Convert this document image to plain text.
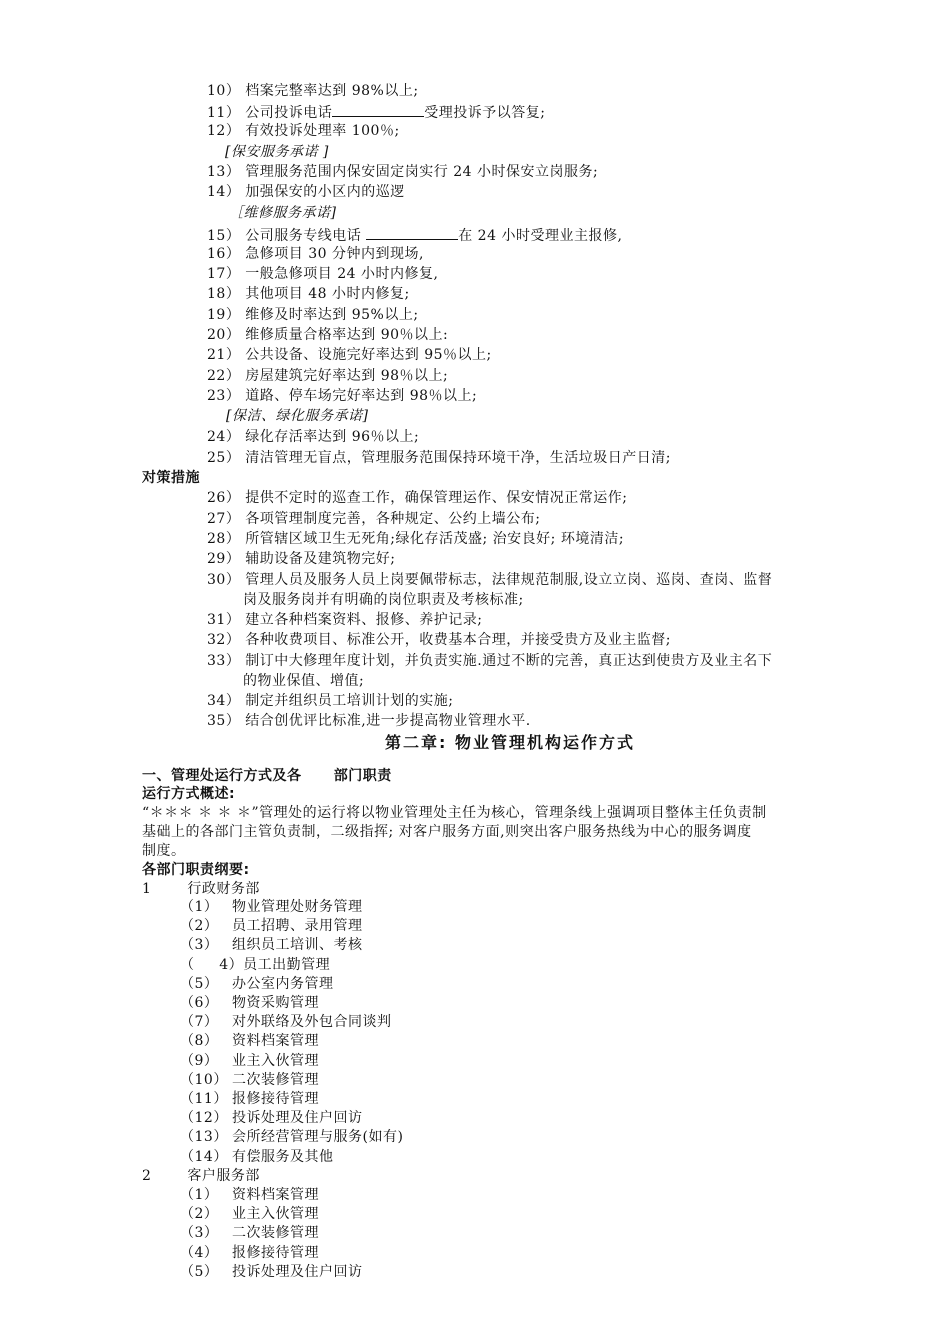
10） 档案完整率达到 98%以上;
11） 公司投诉电话	受理投诉予以答复;
12） 有效投诉处理率 100％;
[保安服务承诺 ]
13） 管理服务范围内保安固定岗实行 24 小时保安立岗服务;
14） 加强保安的小区内的巡逻
［维修服务承诺]
15） 公司服务专线电话	在 24 小时受理业主报修,
16） 急修项目 30 分钟内到现场,
17） 一般急修项目 24 小时内修复,
18） 其他项目 48 小时内修复;
19） 维修及时率达到 95%以上;
20） 维修质量合格率达到 90％以上:
21） 公共设备、设施完好率达到 95％以上;
22） 房屋建筑完好率达到 98％以上;
23） 道路、停车场完好率达到 98％以上;
[保洁、绿化服务承诺]
24） 绿化存活率达到 96％以上;
25） 清洁管理无盲点，管理服务范围保持环境干净，生活垃圾日产日清;
对策措施
26） 提供不定时的巡查工作，确保管理运作、保安情况正常运作;
27） 各项管理制度完善，各种规定、公约上墙公布;
28） 所管辖区域卫生无死角;绿化存活茂盛; 治安良好; 环境清洁;
29） 辅助设备及建筑物完好;
30） 管理人员及服务人员上岗要佩带标志，法律规范制服,设立立岗、巡岗、查岗、监督
岗及服务岗并有明确的岗位职责及考核标准;
31） 建立各种档案资料、报修、养护记录;
32） 各种收费项目、标准公开，收费基本合理，并接受贵方及业主监督;
33） 制订中大修理年度计划，并负责实施.通过不断的完善，真正达到使贵方及业主名下
的物业保值、增值;
34） 制定并组织员工培训计划的实施;
35） 结合创优评比标准,进一步提高物业管理水平.
第二章: 物业管理机构运作方式
一、管理处运行方式及各      部门职责
运行方式概述:
“＊＊＊ ＊ ＊ ＊”管理处的运行将以物业管理处主任为核心，管理条线上强调项目整体主任负责制
基础上的各部门主管负责制，二级指挥; 对客户服务方面,则突出客户服务热线为中心的服务调度
制度。
各部门职责纲要:
1	行政财务部
（1） 物业管理处财务管理
（2） 员工招聘、录用管理
（3） 组织员工培训、考核
（     4）员工出勤管理
（5） 办公室内务管理
（6） 物资采购管理
（7） 对外联络及外包合同谈判
（8） 资料档案管理
（9） 业主入伙管理
（10） 二次装修管理
（11） 报修接待管理
（12） 投诉处理及住户回访
（13） 会所经营管理与服务(如有)
（14） 有偿服务及其他
2	客户服务部
（1） 资料档案管理
（2） 业主入伙管理
（3） 二次装修管理
（4） 报修接待管理
（5） 投诉处理及住户回访
